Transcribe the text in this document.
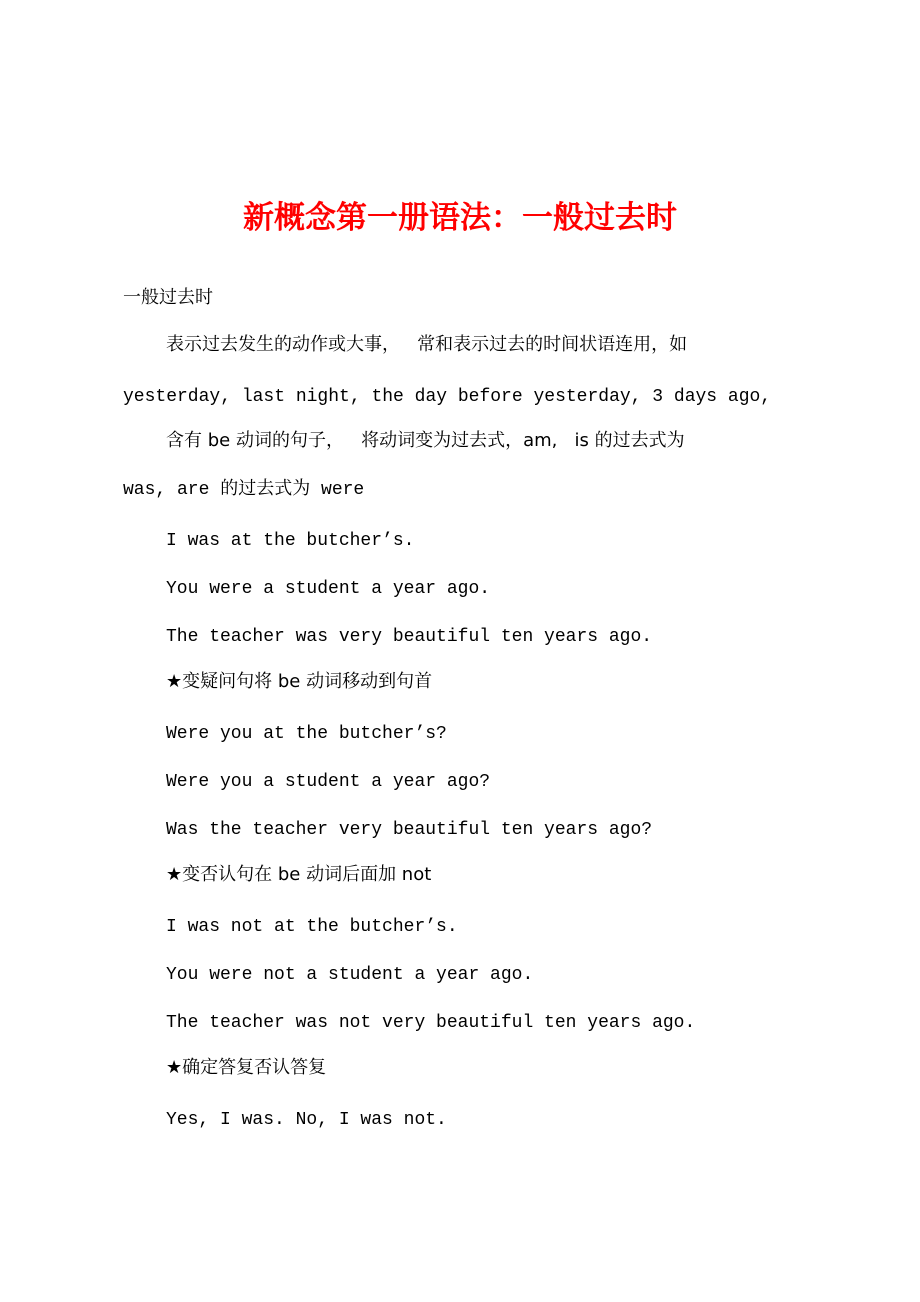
新概念第一册语法：一般过去时
一般过去时
表示过去发生的动作或大事，   常和表示过去的时间状语连用，如
yesterday, last night, the day before yesterday, 3 days ago,
含有 be 动词的句子，   将动词变为过去式，am,   is 的过去式为
was, are 的过去式为 were
I was at the butcher’s.
You were a student a year ago.
The teacher was very beautiful ten years ago.
★变疑问句将 be 动词移动到句首
Were you at the butcher’s?
Were you a student a year ago?
Was the teacher very beautiful ten years ago?
★变否认句在 be 动词后面加 not
I was not at the butcher’s.
You were not a student a year ago.
The teacher was not very beautiful ten years ago.
★确定答复否认答复
Yes, I was. No, I was not.
